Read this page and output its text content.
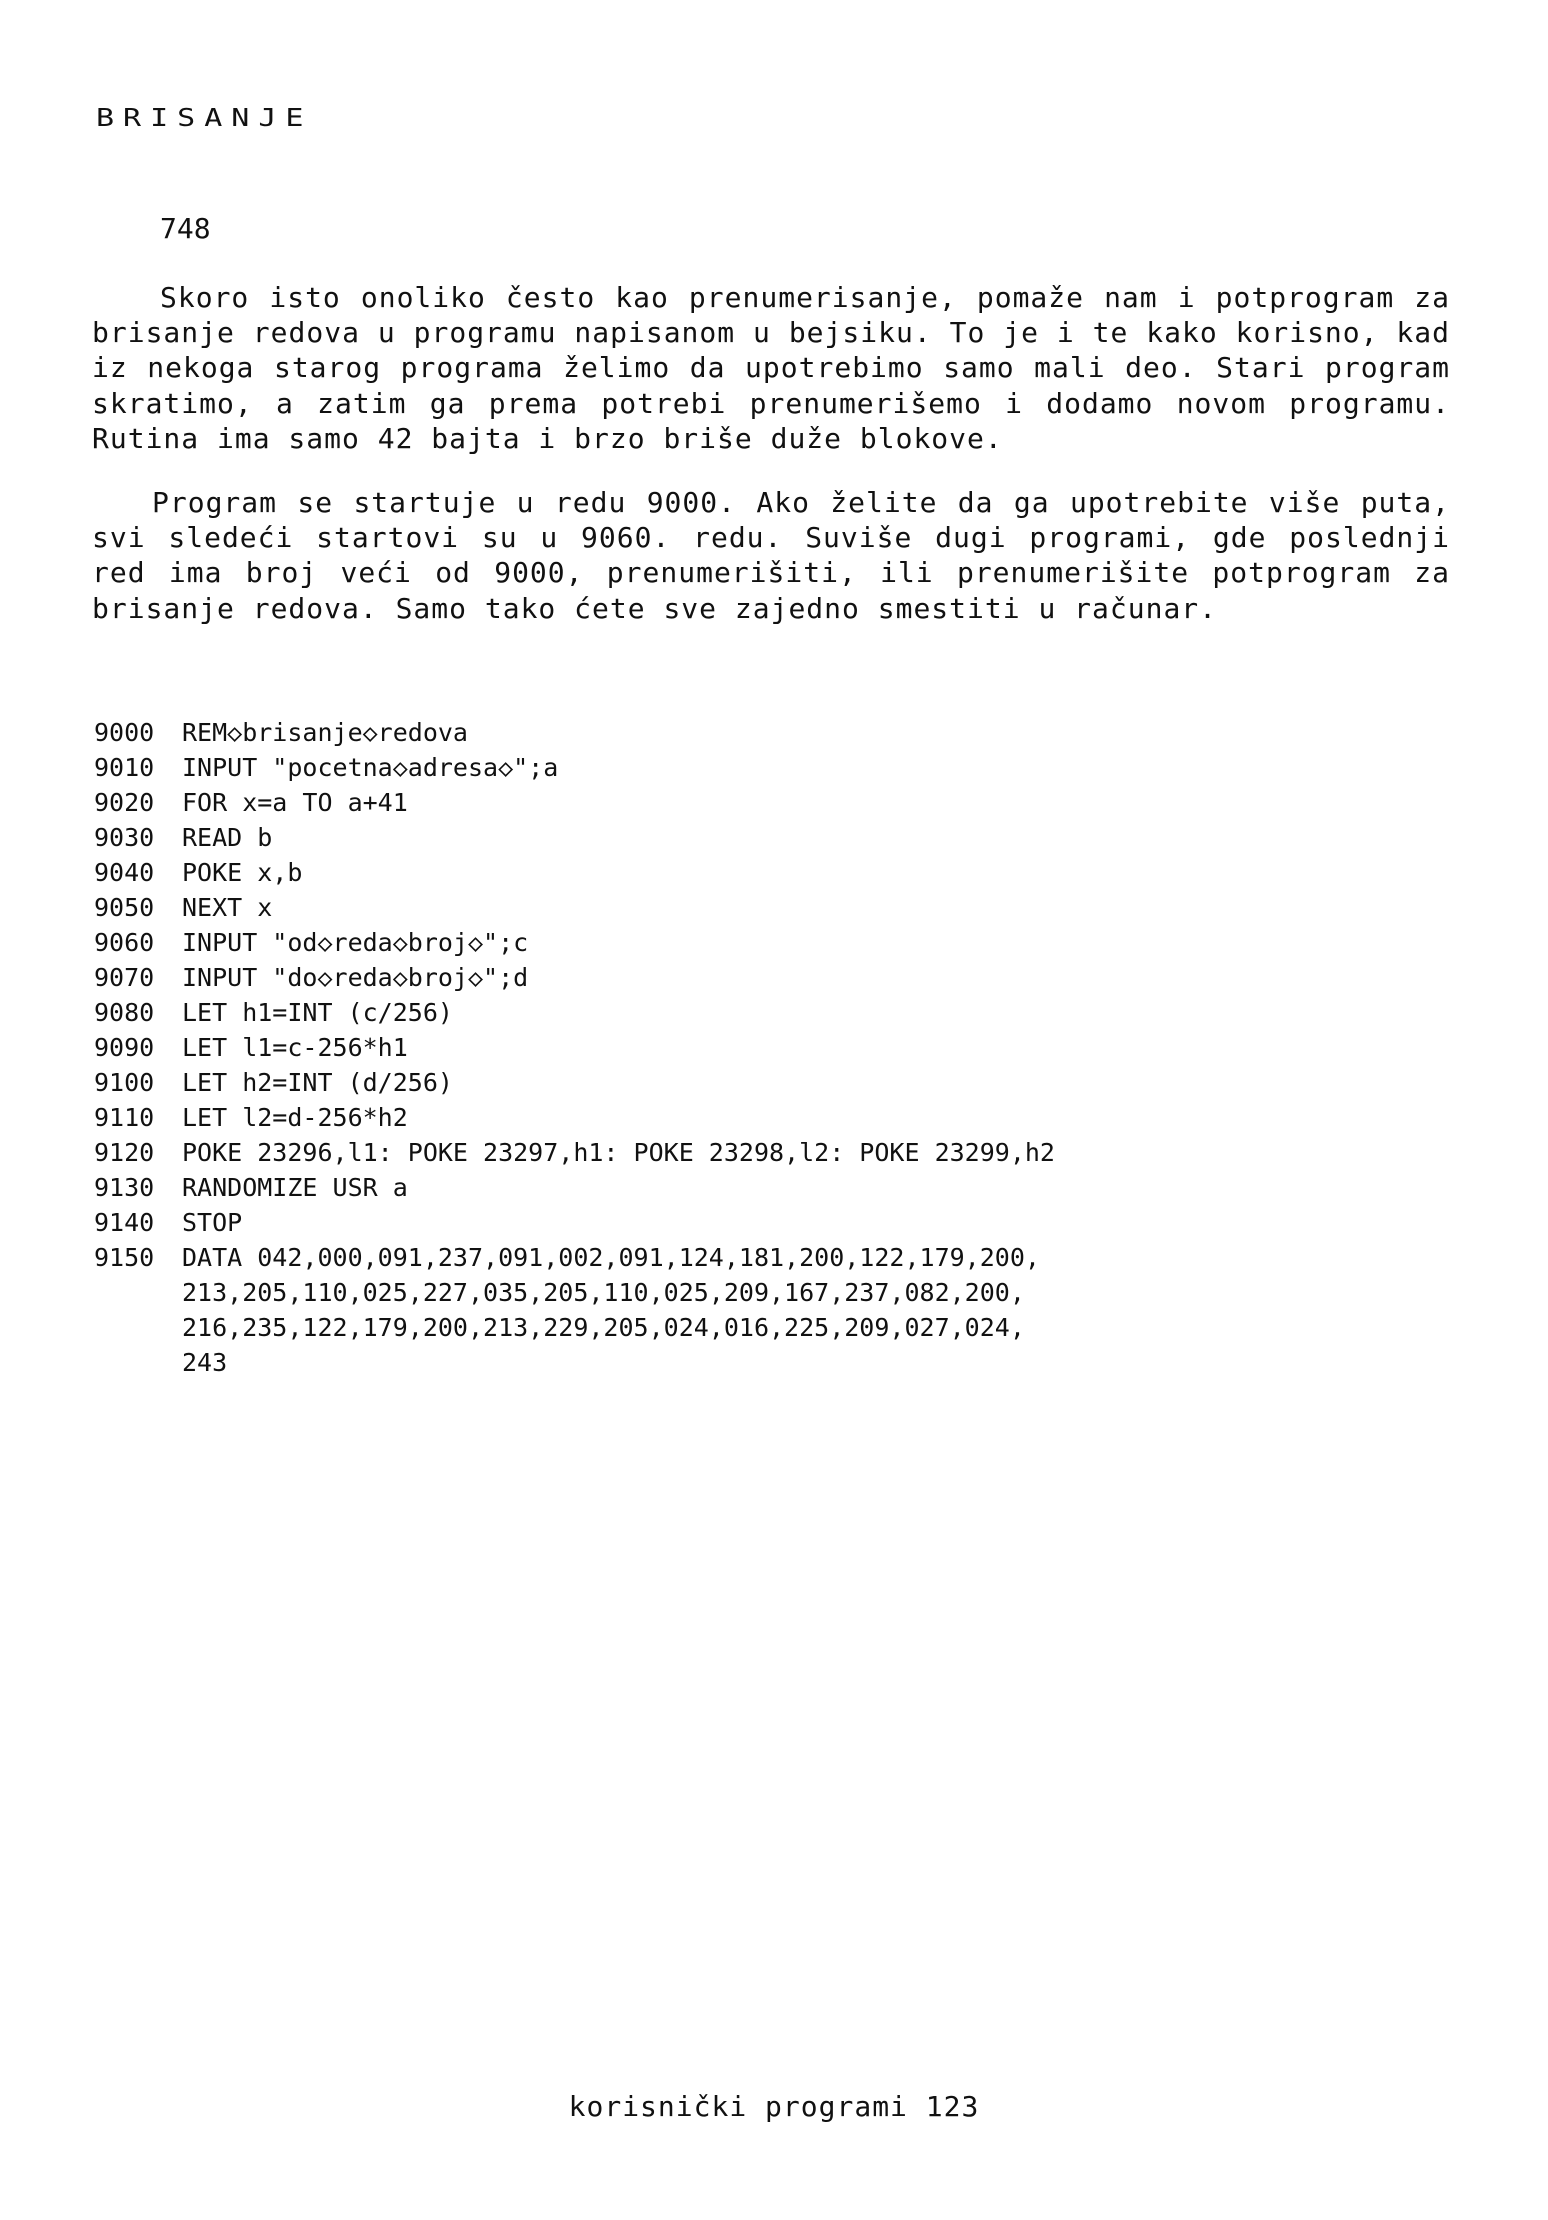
BRISANJE
748
Skoro isto onoliko često kao prenumerisanje, pomaže nam i potprogram za brisanje redova u programu napisanom u bejsiku. To je i te kako korisno, kad iz nekoga starog programa želimo da upotrebimo samo mali deo. Stari program skratimo, a zatim ga prema potrebi prenumerišemo i dodamo novom programu. Rutina ima samo 42 bajta i brzo briše duže blokove.
Program se startuje u redu 9000. Ako želite da ga upotrebite više puta, svi sledeći startovi su u 9060. redu. Suviše dugi programi, gde poslednji red ima broj veći od 9000, prenumerišiti, ili prenumerišite potprogram za brisanje redova. Samo tako ćete sve zajedno smestiti u računar.
9000	REM◇brisanje◇redova
9010	INPUT "pocetna◇adresa◇";a
9020	FOR x=a TO a+41
9030	READ b
9040	POKE x,b
9050	NEXT x
9060	INPUT "od◇reda◇broj◇";c
9070	INPUT "do◇reda◇broj◇";d
9080	LET h1=INT (c/256)
9090	LET l1=c-256*h1
9100	LET h2=INT (d/256)
9110	LET l2=d-256*h2
9120	POKE 23296,l1: POKE 23297,h1: POKE 23298,l2: POKE 23299,h2
9130	RANDOMIZE USR a
9140	STOP
9150	DATA 042,000,091,237,091,002,091,124,181,200,122,179,200,
213,205,110,025,227,035,205,110,025,209,167,237,082,200,
216,235,122,179,200,213,229,205,024,016,225,209,027,024,
243
korisnički programi 123
